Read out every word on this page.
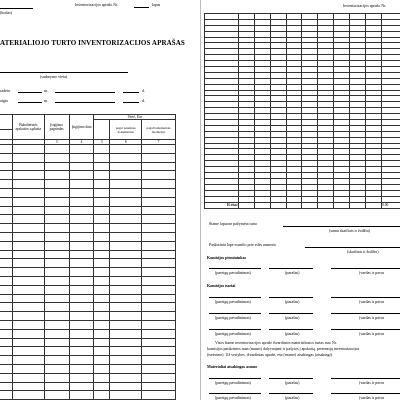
(kodas)
Inventorizacijos aprašo Nr.	lapas
ATERIALIOJO TURTO INVENTORIZACIJOS APRAŠAS
(sudarymo vieta)
radėta	m.	d.
aigta	m.	d.
	Buhalterinės apskaitos sąskaita	Įsigijimo pagrindas	Įsigijimo data	Vertė, Eur		
					pagal pateiktus dokumentus	pagal buhalterinės duomenys

		3	4	5	6	7

Inventorizacijos aprašo Nr.

Iš viso:										0.00
Šiame lapuose pažymėta turto
(suma skaičiais ir žodžiu)
Paskutiniu lape esančio prie eilės numeris
(skaičiais ir žodžiu)
Komisijos pirmininkas
Komisijos nariai
Visos šiame inventorizacijos apraše išvardintos materialiosios turtas nuo Nr.
komisijos patikrintos man (mums) dalyvaujant ir įrašytos į apskaitą, pretenzijų inventorizacijos
(turėsime). Už vertybes, išvardintas apraše, esu (esame) atsakingas (atsakingi).
Materialiai atsakingas asmuo
(pareigų pavadinimas)	(parašas)	(vardas ir pavar
(pareigų pavadinimas)	(parašas)	(vardas ir pavar
(pareigų pavadinimas)	(parašas)	(vardas ir pavar
(pareigų pavadinimas)	(parašas)	(vardas ir pavar
(pareigų pavadinimas)	(parašas)	(vardas ir pavar
(pareigų pavadinimas)	(parašas)	(vardas ir pavar
